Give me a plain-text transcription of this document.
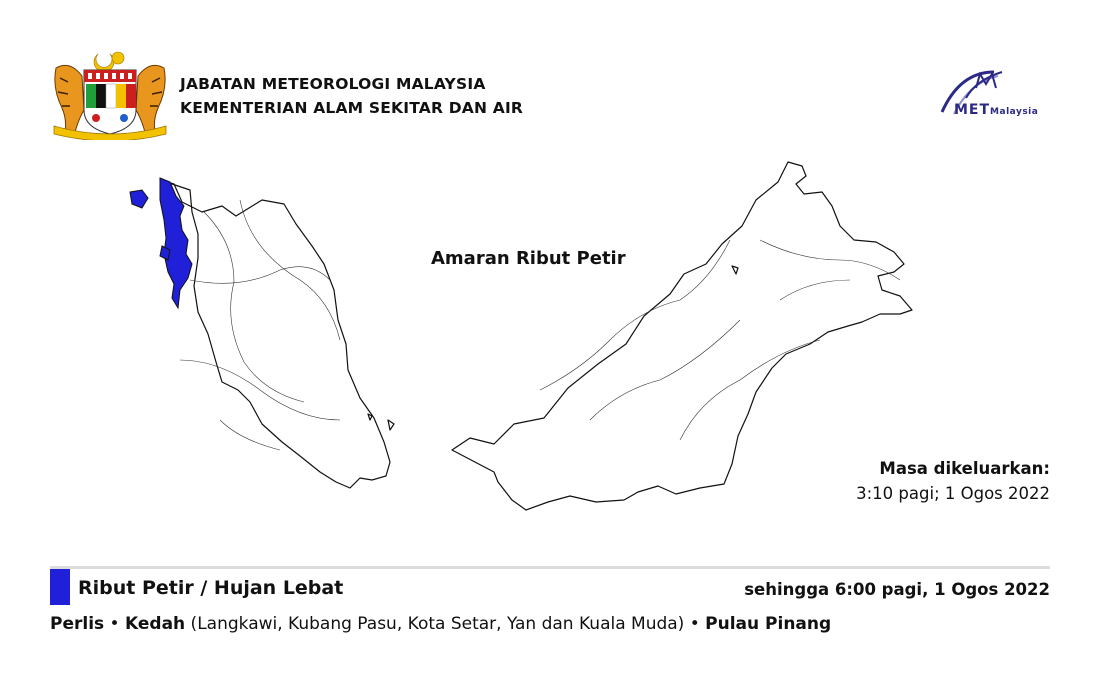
JABATAN METEOROLOGI MALAYSIA
KEMENTERIAN ALAM SEKITAR DAN AIR	METMalaysia
Amaran Ribut Petir
Masa dikeluarkan:
3:10 pagi; 1 Ogos 2022
Ribut Petir / Hujan Lebat	sehingga 6:00 pagi, 1 Ogos 2022
Perlis • Kedah (Langkawi, Kubang Pasu, Kota Setar, Yan dan Kuala Muda) • Pulau Pinang
